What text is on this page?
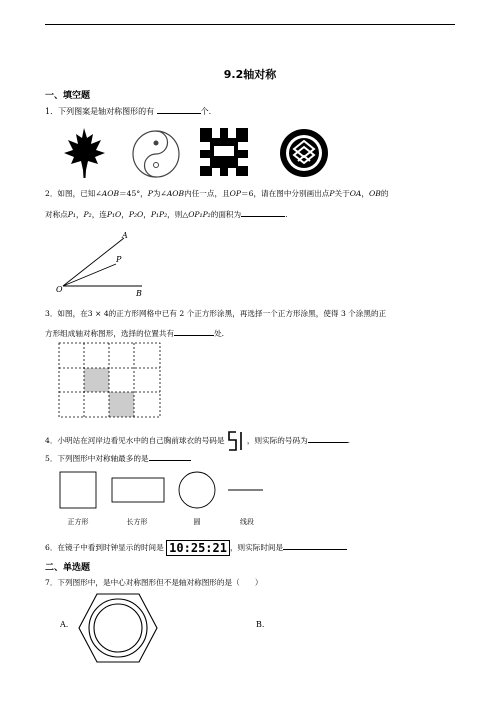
9.2轴对称
一、填空题
1．下列图案是轴对称图形的有	个.
2．如图，已知∠AOB＝45°，P为∠AOB内任一点，且OP＝6，请在图中分别画出点P关于OA，OB的
对称点P₁，P₂，连P₁O，P₂O，P₁P₂，则△OP₁P₂的面积为	.
A
P
O	B
3．如图，在3 × 4的正方形网格中已有 2 个正方形涂黑，再选择一个正方形涂黑，使得 3 个涂黑的正
方形组成轴对称图形，选择的位置共有	处.
4．小明站在河岸边看见水中的自己胸前球衣的号码是	，则实际的号码为	.
5．下列图形中对称轴最多的是
正方形	长方形	圆	线段
6．在镜子中看到时钟显示的时间是 10:25:21 ，则实际时间是
二、单选题
7．下列图形中，是中心对称图形但不是轴对称图形的是（　　）
A.	B.
